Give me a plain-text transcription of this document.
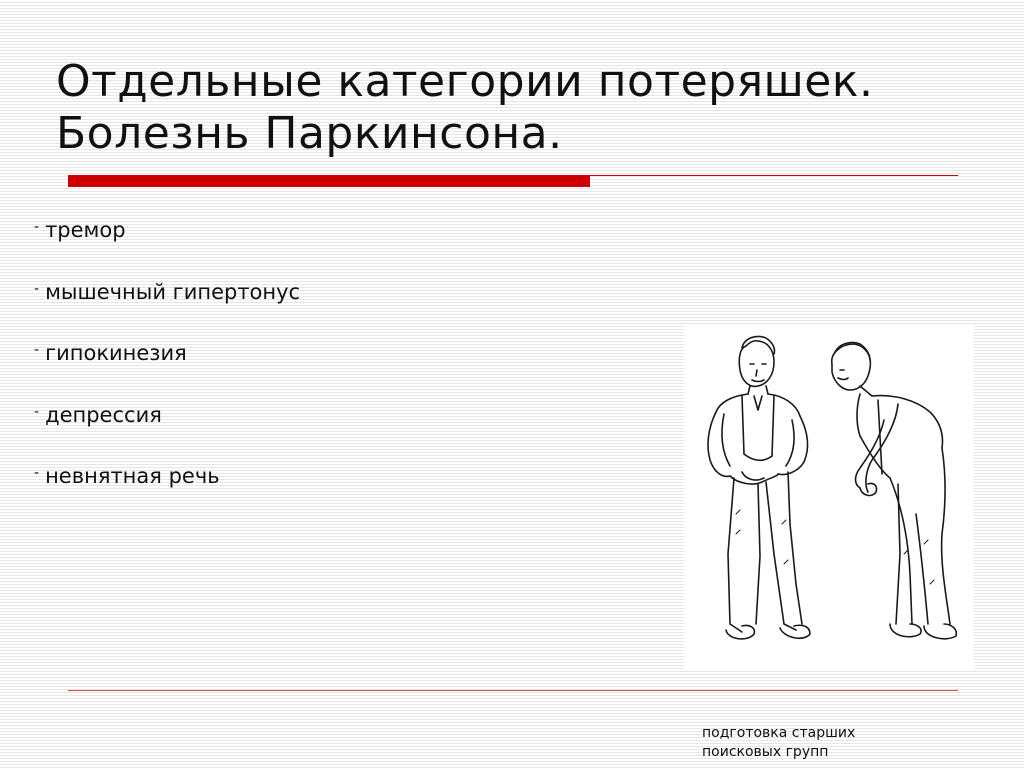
Отдельные категории потеряшек.
Болезнь Паркинсона.
- тремор
- мышечный гипертонус
- гипокинезия
- депрессия
- невнятная речь
подготовка старших
поисковых групп
